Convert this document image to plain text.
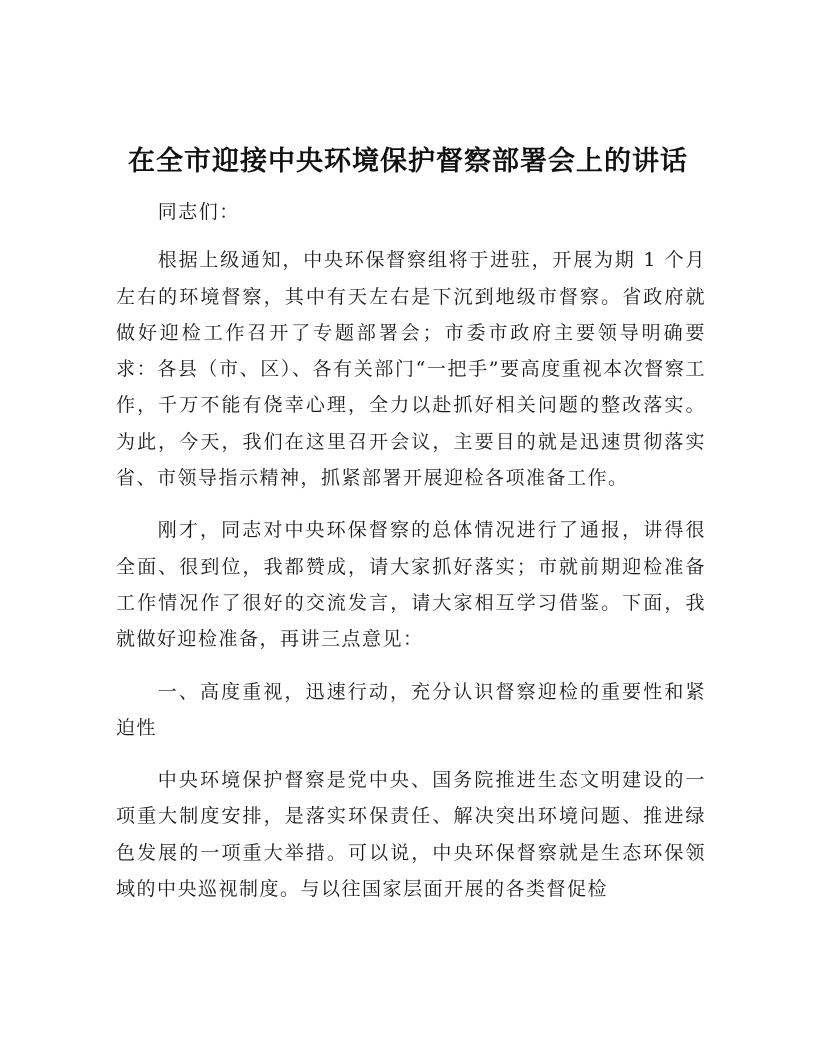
在全市迎接中央环境保护督察部署会上的讲话

同志们：

根据上级通知，中央环保督察组将于进驻，开展为期 1 个月左右的环境督察，其中有天左右是下沉到地级市督察。省政府就做好迎检工作召开了专题部署会；市委市政府主要领导明确要求：各县（市、区）、各有关部门“一把手”要高度重视本次督察工作，千万不能有侥幸心理，全力以赴抓好相关问题的整改落实。为此，今天，我们在这里召开会议，主要目的就是迅速贯彻落实省、市领导指示精神，抓紧部署开展迎检各项准备工作。

刚才，同志对中央环保督察的总体情况进行了通报，讲得很全面、很到位，我都赞成，请大家抓好落实；市就前期迎检准备工作情况作了很好的交流发言，请大家相互学习借鉴。下面，我就做好迎检准备，再讲三点意见：

一、高度重视，迅速行动，充分认识督察迎检的重要性和紧迫性

中央环境保护督察是党中央、国务院推进生态文明建设的一项重大制度安排，是落实环保责任、解决突出环境问题、推进绿色发展的一项重大举措。可以说，中央环保督察就是生态环保领域的中央巡视制度。与以往国家层面开展的各类督促检
